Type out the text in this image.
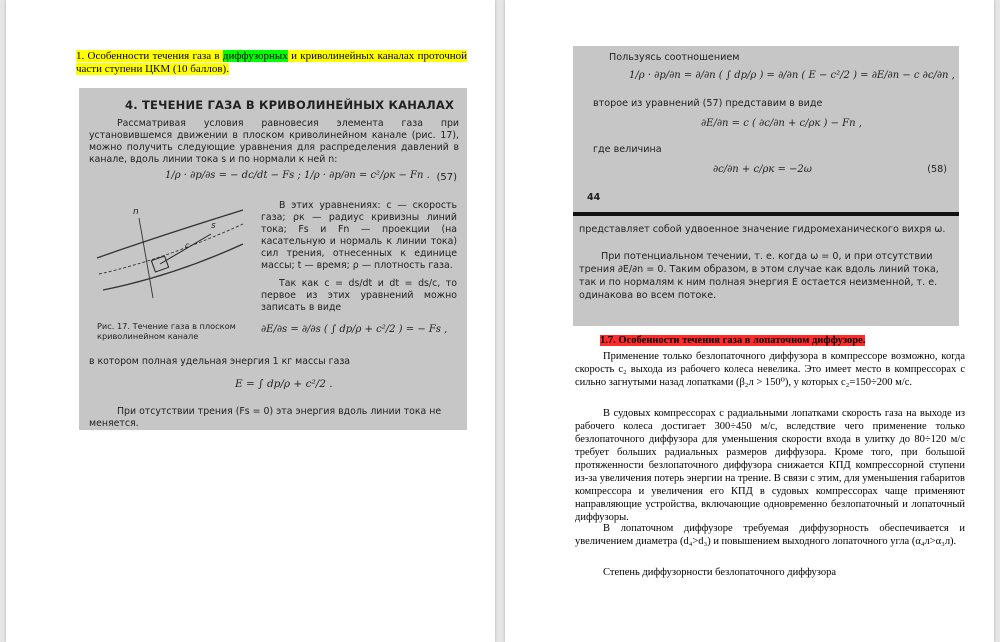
1. Особенности течения газа в диффузорных и криволинейных каналах проточной части ступени ЦКМ (10 баллов).
4. ТЕЧЕНИЕ ГАЗА В КРИВОЛИНЕЙНЫХ КАНАЛАХ
Рассматривая условия равновесия элемента газа при установившемся движении в плоском криволинейном канале (рис. 17), можно получить следующие уравнения для распределения давлений в канале, вдоль линии тока s и по нормали к ней n:
1/ρ · ∂p/∂s = − dc/dt − Fs ; 1/ρ · ∂p/∂n = c²/ρк − Fn . (57)
s
n
c
В этих уравнениях: c — скорость газа; ρк — радиус кривизны линий тока; Fs и Fn — проекции (на касательную и нормаль к линии тока) сил трения, отнесенных к единице массы; t — время; ρ — плотность газа.
Так как c = ds/dt и dt = ds/c, то первое из этих уравнений можно записать в виде
∂E/∂s = ∂/∂s ( ∫ dp/ρ + c²/2 ) = − Fs ,
Рис. 17. Течение газа в плоском криволинейном канале
в котором полная удельная энергия 1 кг массы газа
E = ∫ dp/ρ + c²/2 .
При отсутствии трения (Fs = 0) эта энергия вдоль линии тока не меняется.
Пользуясь соотношением
1/ρ · ∂p/∂n = ∂/∂n ( ∫ dp/ρ ) = ∂/∂n ( E − c²/2 ) = ∂E/∂n − c ∂c/∂n ,
второе из уравнений (57) представим в виде
∂E/∂n = c ( ∂c/∂n + c/ρк ) − Fn ,
где величина
∂c/∂n + c/ρк = −2ω	(58)
44
представляет собой удвоенное значение гидромеханического вихря ω.
При потенциальном течении, т. е. когда ω = 0, и при отсутствии трения ∂E/∂n = 0. Таким образом, в этом случае как вдоль линий тока, так и по нормалям к ним полная энергия E остается неизменной, т. е. одинакова во всем потоке.
1.7. Особенности течения газа в лопаточном диффузоре.

Применение только безлопаточного диффузора в компрессоре возможно, когда скорость c₂ выхода из рабочего колеса невелика. Это имеет место в компрессорах с сильно загнутыми назад лопатками (β₂л > 150⁰), у которых c₂=150÷200 м/с.

В судовых компрессорах с радиальными лопатками скорость газа на выходе из рабочего колеса достигает 300÷450 м/с, вследствие чего применение только безлопаточного диффузора для уменьшения скорости входа в улитку до 80÷120 м/с требует больших радиальных размеров диффузора. Кроме того, при большой протяженности безлопаточного диффузора снижается КПД компрессорной ступени из-за увеличения потерь энергии на трение. В связи с этим, для уменьшения габаритов компрессора и увеличения его КПД в судовых компрессорах чаще применяют направляющие устройства, включающие одновременно безлопаточный и лопаточный диффузоры.

В лопаточном диффузоре требуемая диффузорность обеспечивается и увеличением диаметра (d₄>d₃) и повышением выходного лопаточного угла (α₄л>α₃л).

Степень диффузорности безлопаточного диффузора
